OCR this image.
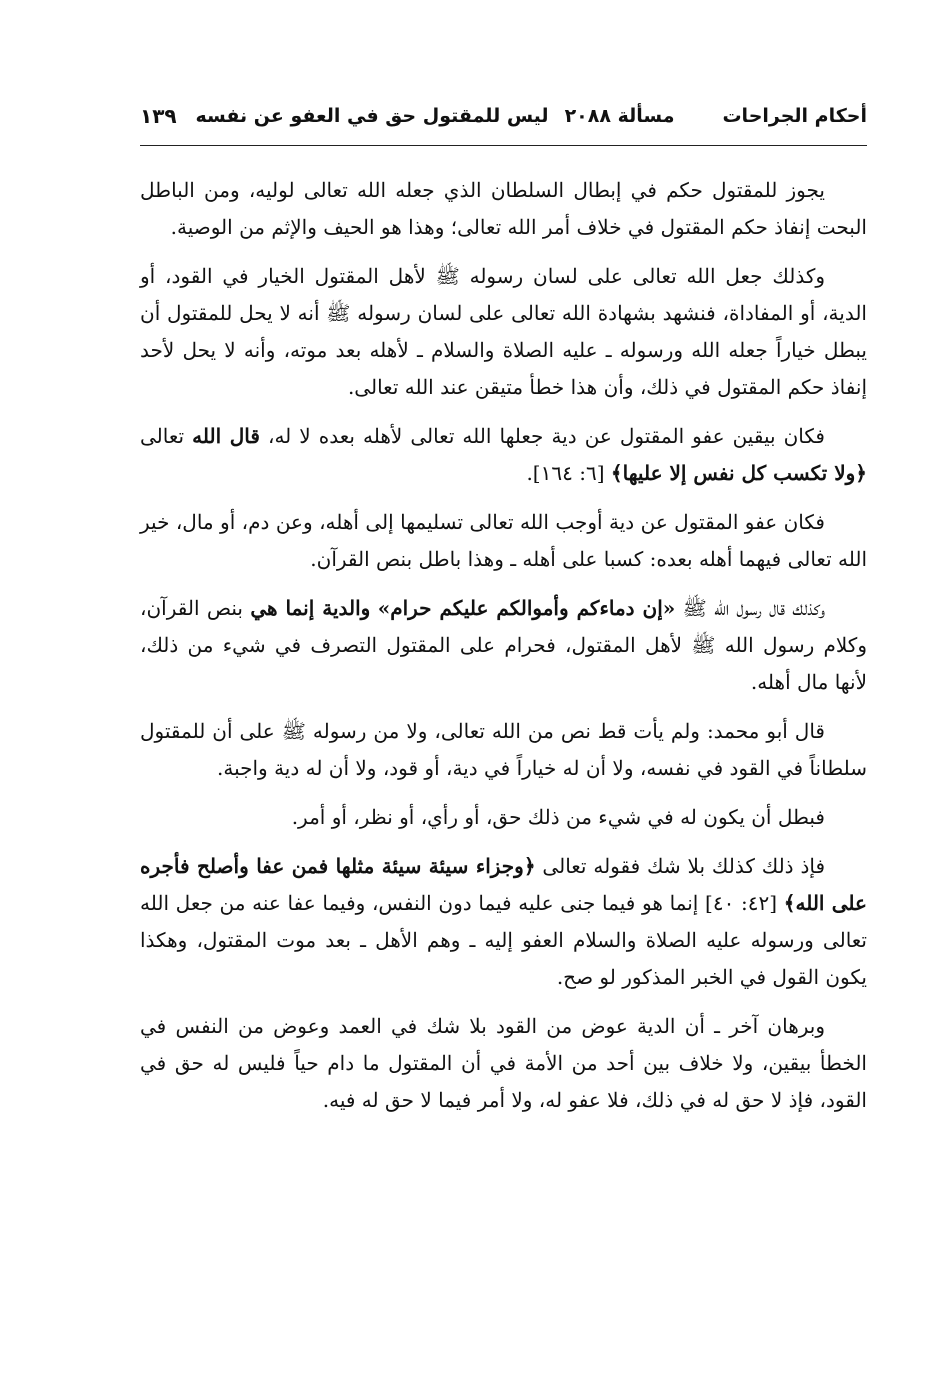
أحكام الجراحات
مسألة ٢٠٨٨
ليس للمقتول حق في العفو عن نفسه
١٣٩

يجوز للمقتول حكم في إبطال السلطان الذي جعله الله تعالى لوليه، ومن الباطل البحت إنفاذ حكم المقتول في خلاف أمر الله تعالى؛ وهذا هو الحيف والإثم من الوصية.

وكذلك جعل الله تعالى على لسان رسوله ﷺ لأهل المقتول الخيار في القود، أو الدية، أو المفاداة، فنشهد بشهادة الله تعالى على لسان رسوله ﷺ أنه لا يحل للمقتول أن يبطل خياراً جعله الله ورسوله ـ عليه الصلاة والسلام ـ لأهله بعد موته، وأنه لا يحل لأحد إنفاذ حكم المقتول في ذلك، وأن هذا خطأ متيقن عند الله تعالى.

فكان بيقين عفو المقتول عن دية جعلها الله تعالى لأهله بعده لا له، قال الله تعالى ﴿ولا تكسب كل نفس إلا عليها﴾ [٦: ١٦٤].

فكان عفو المقتول عن دية أوجب الله تعالى تسليمها إلى أهله، وعن دم، أو مال، خير الله تعالى فيهما أهله بعده: كسبا على أهله ـ وهذا باطل بنص القرآن.

وكذلك قال رسول الله ﷺ «إن دماءكم وأموالكم عليكم حرام» والدية إنما هي بنص القرآن، وكلام رسول الله ﷺ لأهل المقتول، فحرام على المقتول التصرف في شيء من ذلك، لأنها مال أهله.

قال أبو محمد: ولم يأت قط نص من الله تعالى، ولا من رسوله ﷺ على أن للمقتول سلطاناً في القود في نفسه، ولا أن له خياراً في دية، أو قود، ولا أن له دية واجبة.

فبطل أن يكون له في شيء من ذلك حق، أو رأي، أو نظر، أو أمر.

فإذ ذلك كذلك بلا شك فقوله تعالى ﴿وجزاء سيئة سيئة مثلها فمن عفا وأصلح فأجره على الله﴾ [٤٢: ٤٠] إنما هو فيما جنى عليه فيما دون النفس، وفيما عفا عنه من جعل الله تعالى ورسوله عليه الصلاة والسلام العفو إليه ـ وهم الأهل ـ بعد موت المقتول، وهكذا يكون القول في الخبر المذكور لو صح.

وبرهان آخر ـ أن الدية عوض من القود بلا شك في العمد وعوض من النفس في الخطأ بيقين، ولا خلاف بين أحد من الأمة في أن المقتول ما دام حياً فليس له حق في القود، فإذ لا حق له في ذلك، فلا عفو له، ولا أمر فيما لا حق له فيه.
